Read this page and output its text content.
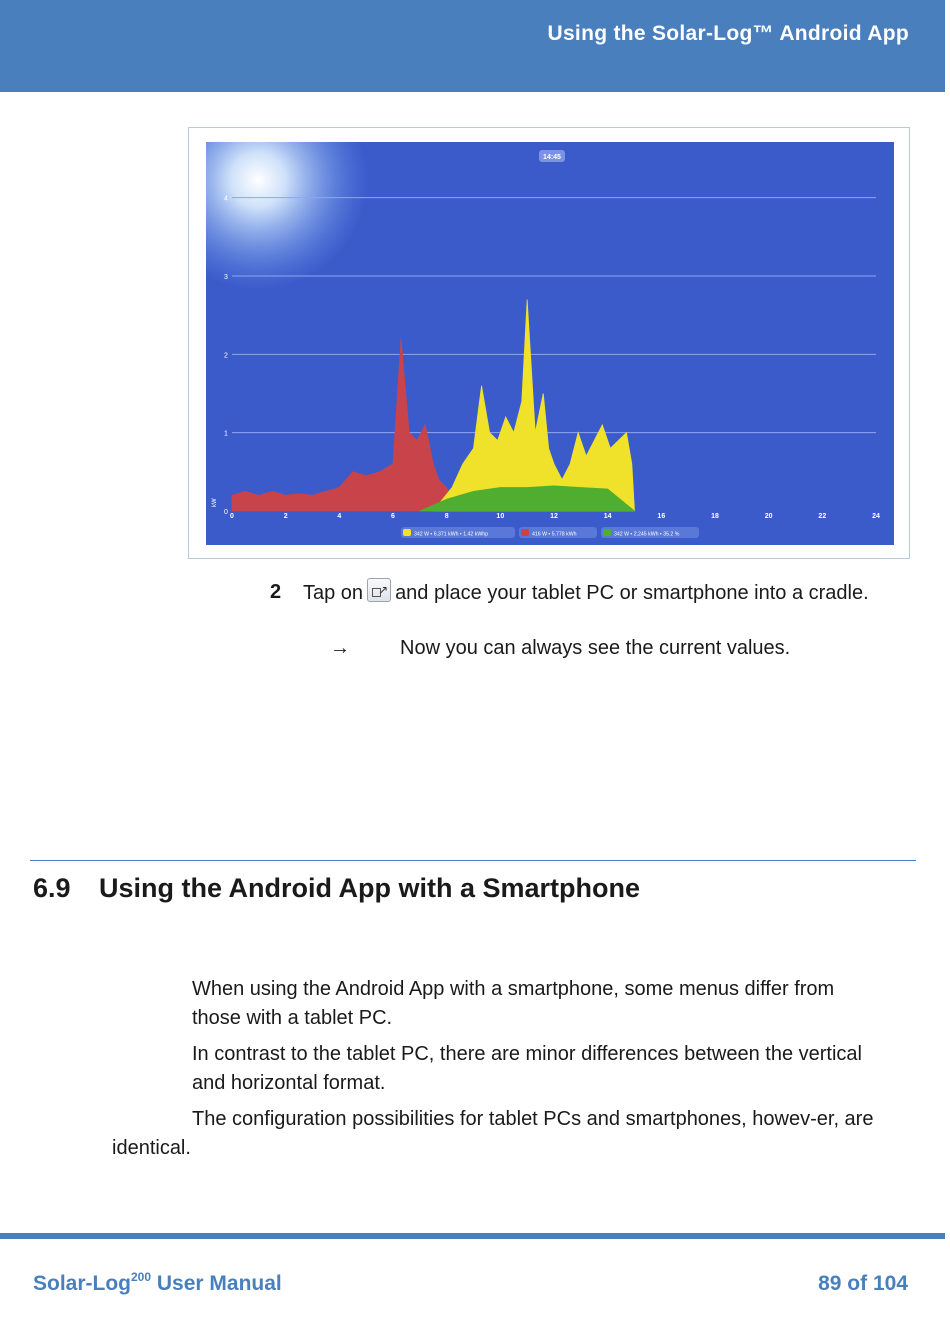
Using the Solar-Log™ Android App
0
1
2
3
4
kW
0	2	4	6	8	10	12	14	16	18	20	22	24
14:45
342 W • 6.371 kWh • 1.42 kWhp	416 W • 5.778 kWh	342 W • 2.245 kWh • 35.2 %
2 Tap on↗ and place your tablet PC or smartphone into a cradle.
→	Now you can always see the current values.
6.9 Using the Android App with a Smartphone
When using the Android App with a smartphone, some menus differ from those with a tablet PC.
In contrast to the tablet PC, there are minor differences between the vertical and horizontal format.
The configuration possibilities for tablet PCs and smartphones, howev-er, are identical.
Solar-Log$^{200}$ User Manual	89 of 104
